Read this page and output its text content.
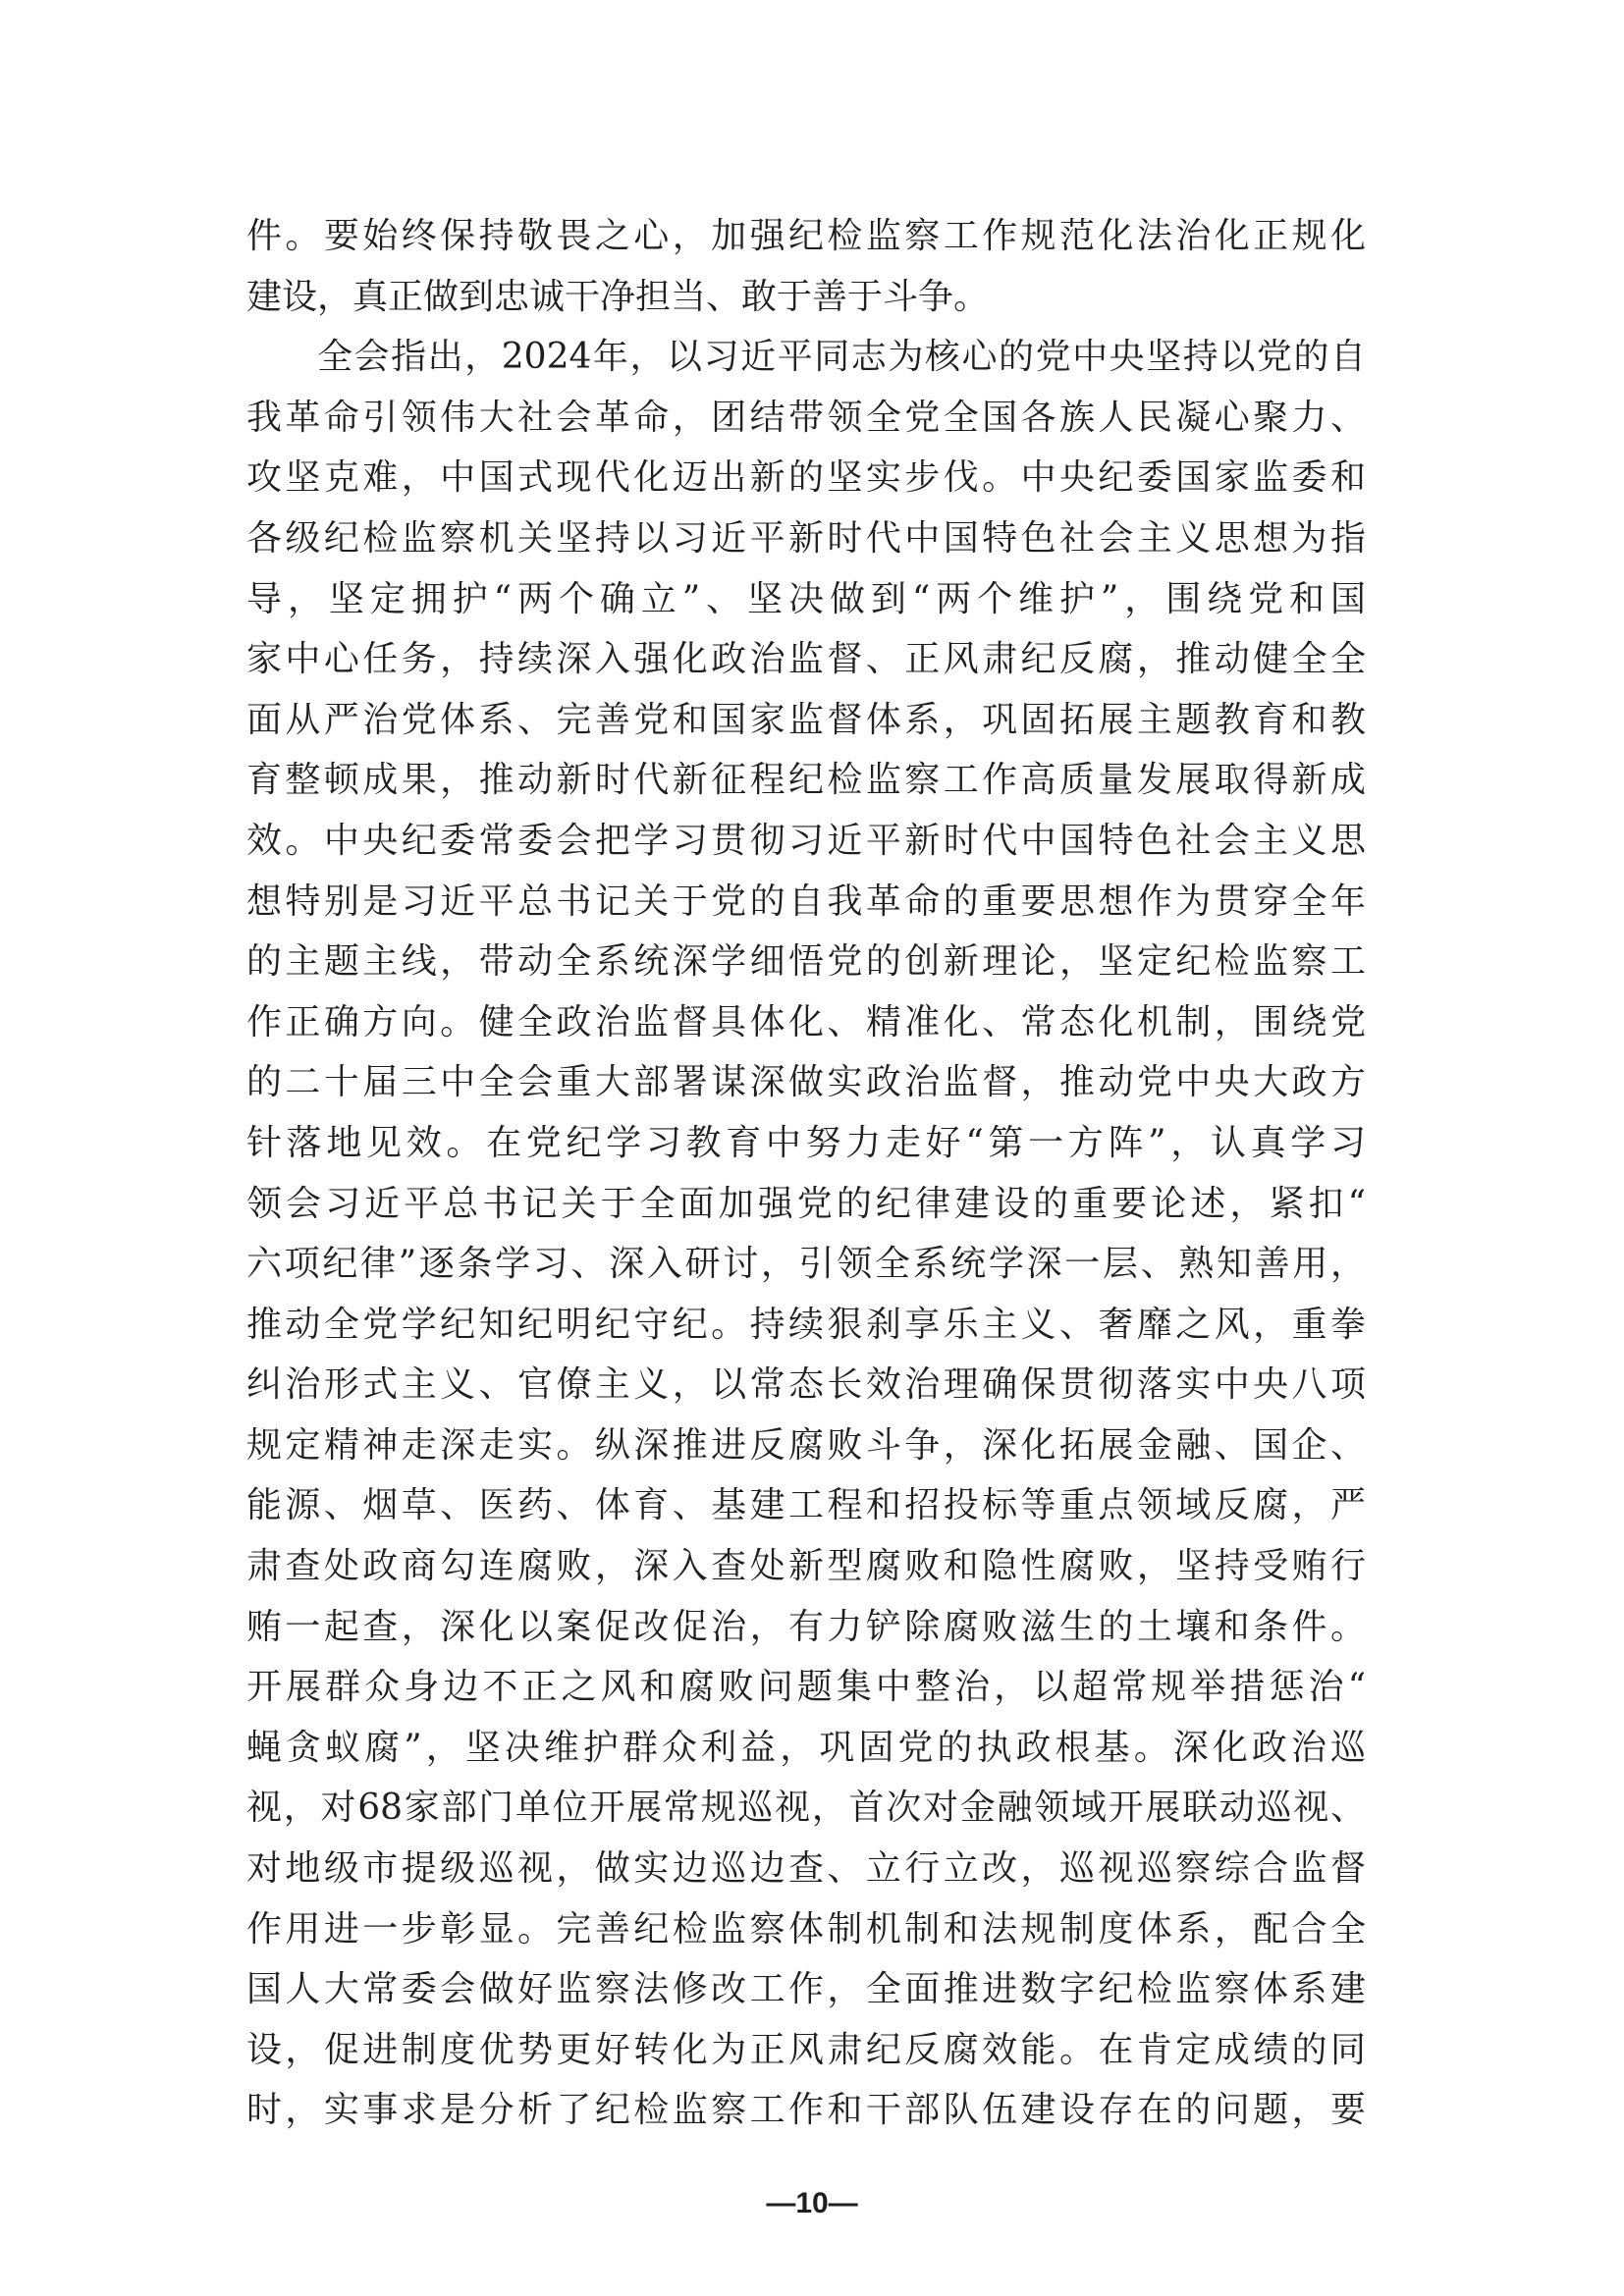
件。要始终保持敬畏之心，加强纪检监察工作规范化法治化正规化
建设，真正做到忠诚干净担当、敢于善于斗争。
全会指出，2024年，以习近平同志为核心的党中央坚持以党的自
我革命引领伟大社会革命，团结带领全党全国各族人民凝心聚力、
攻坚克难，中国式现代化迈出新的坚实步伐。中央纪委国家监委和
各级纪检监察机关坚持以习近平新时代中国特色社会主义思想为指
导，坚定拥护“两个确立”、坚决做到“两个维护”，围绕党和国
家中心任务，持续深入强化政治监督、正风肃纪反腐，推动健全全
面从严治党体系、完善党和国家监督体系，巩固拓展主题教育和教
育整顿成果，推动新时代新征程纪检监察工作高质量发展取得新成
效。中央纪委常委会把学习贯彻习近平新时代中国特色社会主义思
想特别是习近平总书记关于党的自我革命的重要思想作为贯穿全年
的主题主线，带动全系统深学细悟党的创新理论，坚定纪检监察工
作正确方向。健全政治监督具体化、精准化、常态化机制，围绕党
的二十届三中全会重大部署谋深做实政治监督，推动党中央大政方
针落地见效。在党纪学习教育中努力走好“第一方阵”，认真学习
领会习近平总书记关于全面加强党的纪律建设的重要论述，紧扣“
六项纪律”逐条学习、深入研讨，引领全系统学深一层、熟知善用，
推动全党学纪知纪明纪守纪。持续狠刹享乐主义、奢靡之风，重拳
纠治形式主义、官僚主义，以常态长效治理确保贯彻落实中央八项
规定精神走深走实。纵深推进反腐败斗争，深化拓展金融、国企、
能源、烟草、医药、体育、基建工程和招投标等重点领域反腐，严
肃查处政商勾连腐败，深入查处新型腐败和隐性腐败，坚持受贿行
贿一起查，深化以案促改促治，有力铲除腐败滋生的土壤和条件。
开展群众身边不正之风和腐败问题集中整治，以超常规举措惩治“
蝇贪蚁腐”，坚决维护群众利益，巩固党的执政根基。深化政治巡
视，对68家部门单位开展常规巡视，首次对金融领域开展联动巡视、
对地级市提级巡视，做实边巡边查、立行立改，巡视巡察综合监督
作用进一步彰显。完善纪检监察体制机制和法规制度体系，配合全
国人大常委会做好监察法修改工作，全面推进数字纪检监察体系建
设，促进制度优势更好转化为正风肃纪反腐效能。在肯定成绩的同
时，实事求是分析了纪检监察工作和干部队伍建设存在的问题，要
—10—
